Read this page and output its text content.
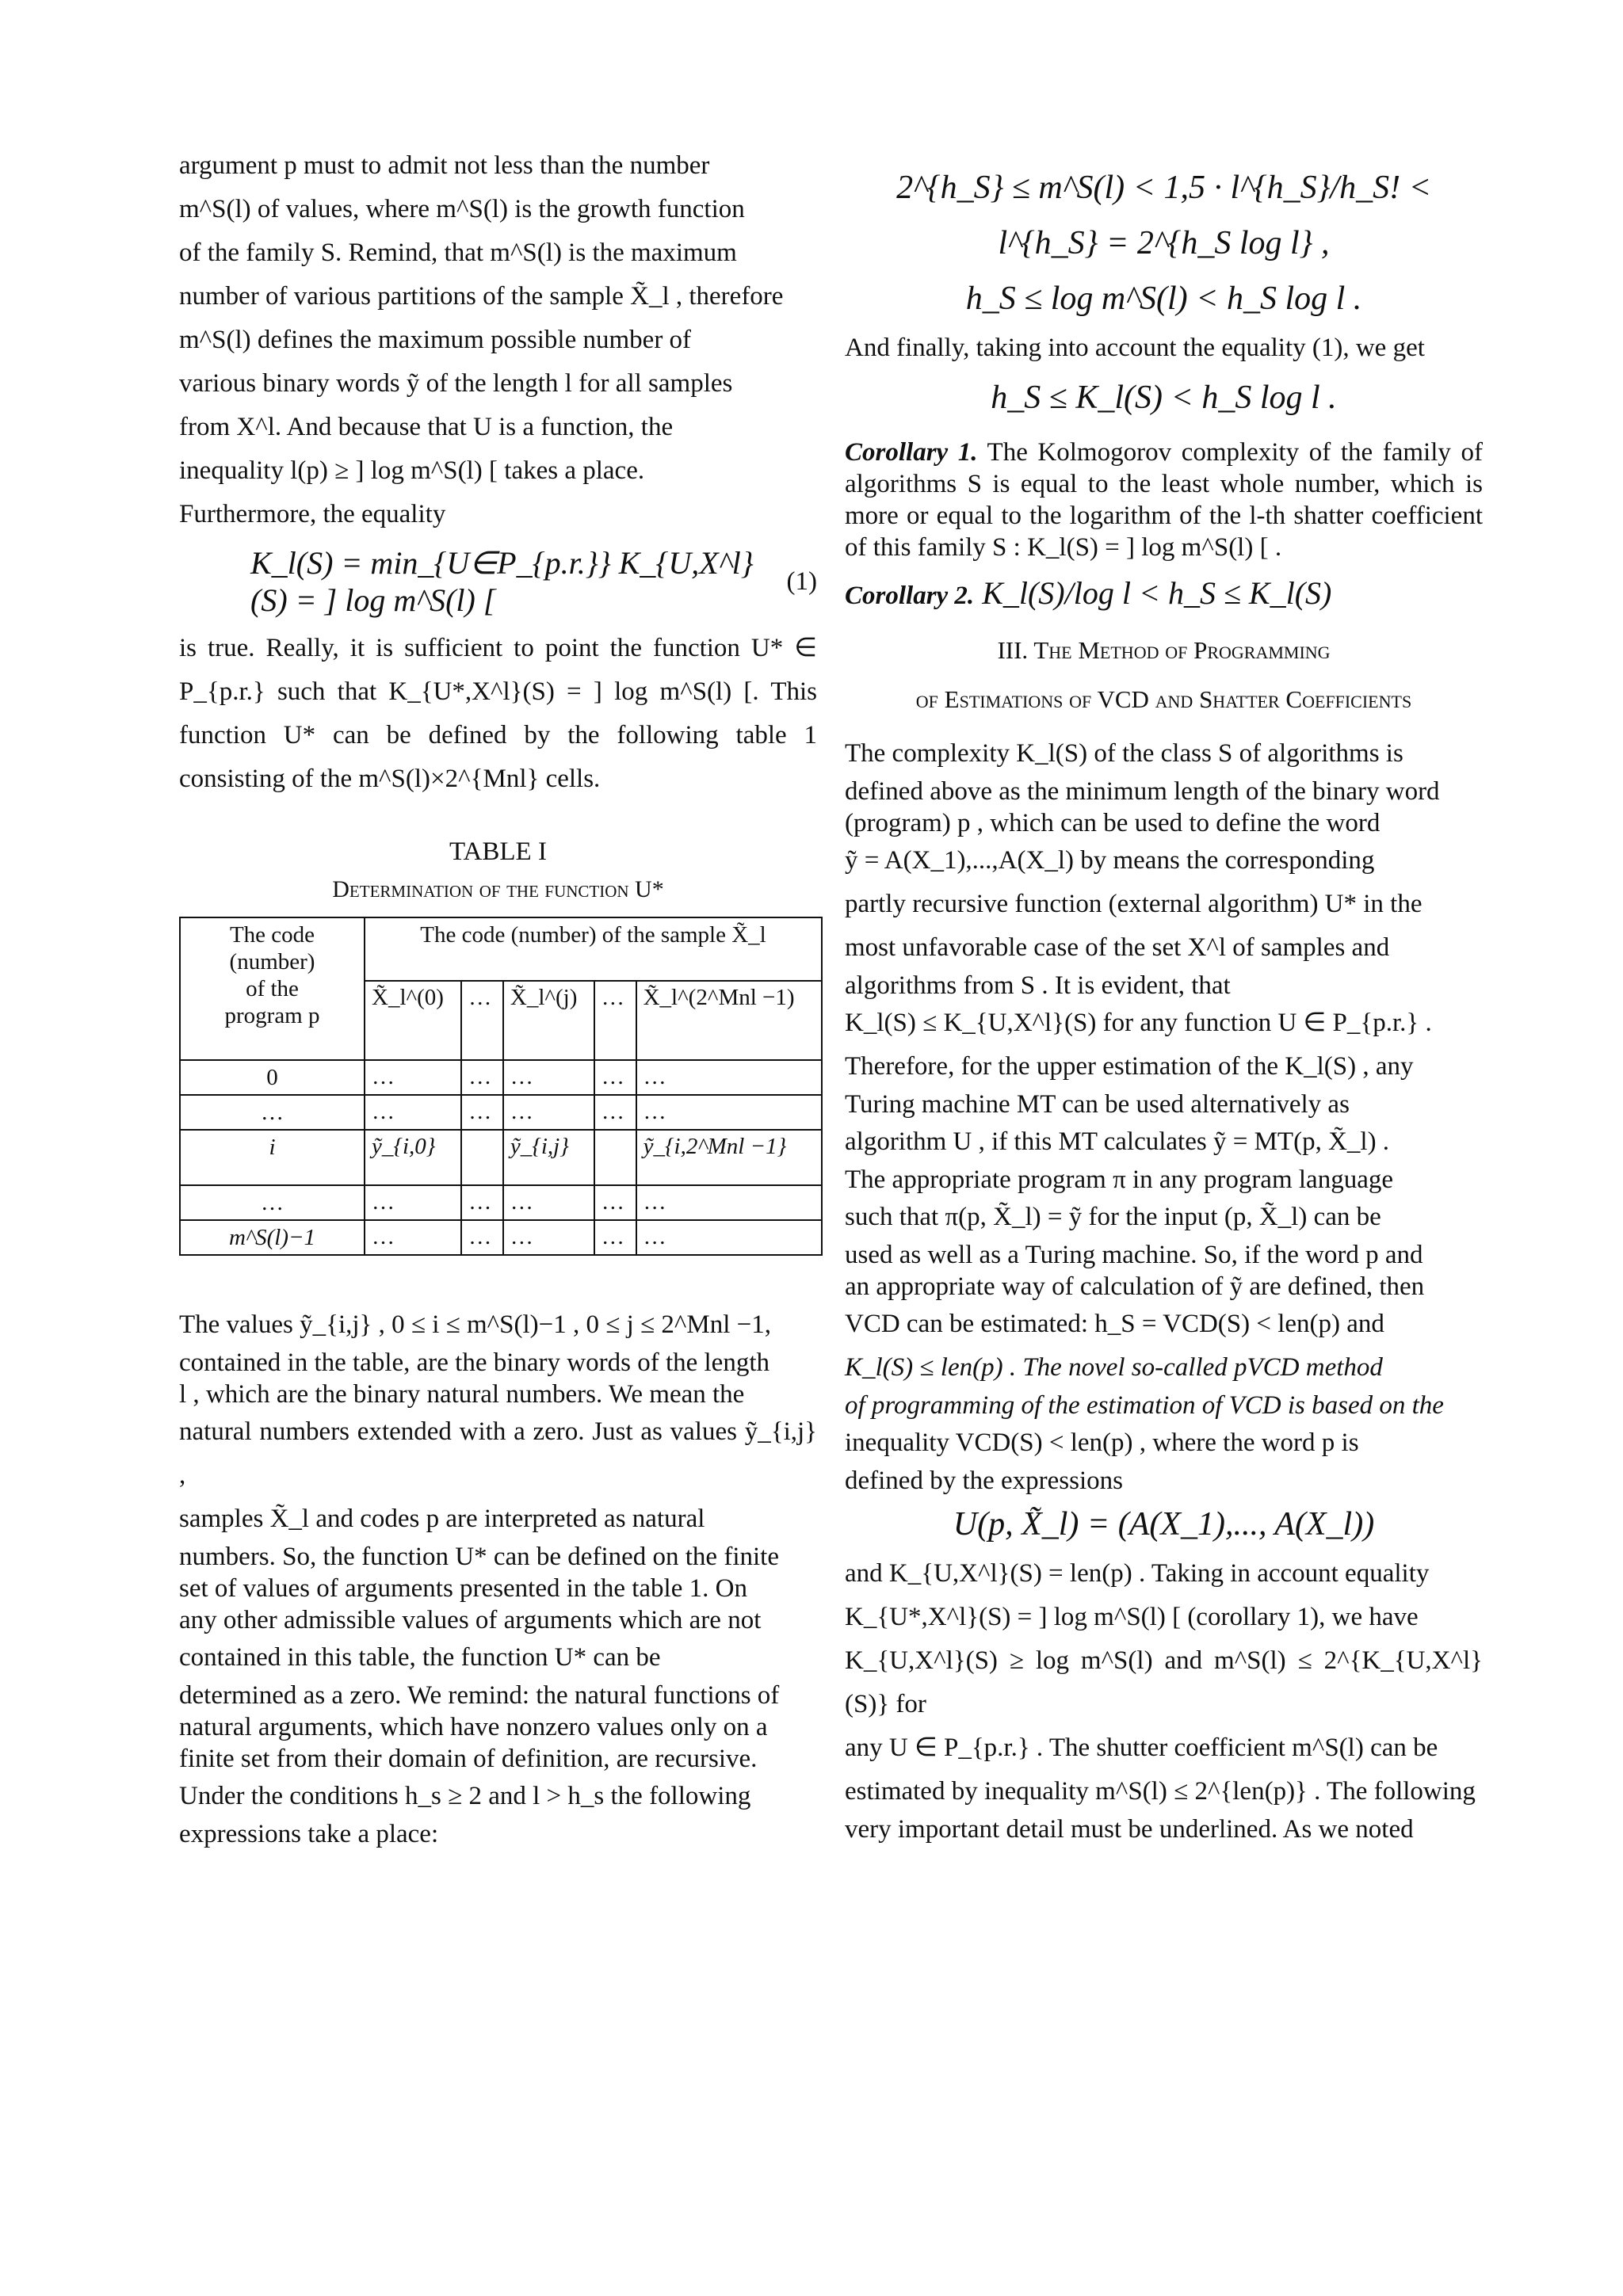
argument p must to admit not less than the number

m^S(l) of values, where m^S(l) is the growth function

of the family S. Remind, that m^S(l) is the maximum

number of various partitions of the sample X̃_l , therefore

m^S(l) defines the maximum possible number of

various binary words ỹ of the length l for all samples

from X^l. And because that U is a function, the

inequality l(p) ≥ ] log m^S(l) [ takes a place.

Furthermore, the equality

K_l(S) = min_{U∈P_{p.r.}} K_{U,X^l}(S) = ] log m^S(l) [
(1)

is true. Really, it is sufficient to point the function U* ∈ P_{p.r.} such that K_{U*,X^l}(S) = ] log m^S(l) [. This function U* can be defined by the following table 1 consisting of the m^S(l)×2^{Mnl} cells.

TABLE I

Determination of the function U*

The code
(number)
of the
program p	The code (number) of the sample X̃_l				
	X̃_l^(0)	…	X̃_l^(j)	…	X̃_l^(2^Mnl −1)
0	…	…	…	…	…
…	…	…	…	…	…
i	ỹ_{i,0}		ỹ_{i,j}		ỹ_{i,2^Mnl −1}
…	…	…	…	…	…
m^S(l)−1	…	…	…	…	…

The values ỹ_{i,j} , 0 ≤ i ≤ m^S(l)−1 , 0 ≤ j ≤ 2^Mnl −1,

contained in the table, are the binary words of the length

l , which are the binary natural numbers. We mean the

natural numbers extended with a zero. Just as values ỹ_{i,j} ,

samples X̃_l and codes p are interpreted as natural

numbers. So, the function U* can be defined on the finite

set of values of arguments presented in the table 1. On

any other admissible values of arguments which are not

contained in this table, the function U* can be

determined as a zero. We remind: the natural functions of

natural arguments, which have nonzero values only on a

finite set from their domain of definition, are recursive.

Under the conditions h_s ≥ 2 and l > h_s the following

expressions take a place:

2^{h_S} ≤ m^S(l) < 1,5 · l^{h_S}/h_S! < l^{h_S} = 2^{h_S log l} ,

h_S ≤ log m^S(l) < h_S log l .

And finally, taking into account the equality (1), we get

h_S ≤ K_l(S) < h_S log l .

Corollary 1. The Kolmogorov complexity of the family of algorithms S is equal to the least whole number, which is more or equal to the logarithm of the l-th shatter coefficient of this family S : K_l(S) = ] log m^S(l) [ .

Corollary 2. K_l(S)/log l < h_S ≤ K_l(S)

III. The Method of Programming

of Estimations of VCD and Shatter Coefficients

The complexity K_l(S) of the class S of algorithms is

defined above as the minimum length of the binary word

(program) p , which can be used to define the word

ỹ = A(X_1),...,A(X_l) by means the corresponding

partly recursive function (external algorithm) U* in the

most unfavorable case of the set X^l of samples and

algorithms from S . It is evident, that

K_l(S) ≤ K_{U,X^l}(S) for any function U ∈ P_{p.r.} .

Therefore, for the upper estimation of the K_l(S) , any

Turing machine MT can be used alternatively as

algorithm U , if this MT calculates ỹ = MT(p, X̃_l) .

The appropriate program π in any program language

such that π(p, X̃_l) = ỹ for the input (p, X̃_l) can be

used as well as a Turing machine. So, if the word p and

an appropriate way of calculation of ỹ are defined, then

VCD can be estimated: h_S = VCD(S) < len(p) and

K_l(S) ≤ len(p) . The novel so-called pVCD method

of programming of the estimation of VCD is based on the

inequality VCD(S) < len(p) , where the word p is

defined by the expressions

U(p, X̃_l) = (A(X_1),..., A(X_l))

and K_{U,X^l}(S) = len(p) . Taking in account equality

K_{U*,X^l}(S) = ] log m^S(l) [ (corollary 1), we have

K_{U,X^l}(S) ≥ log m^S(l) and m^S(l) ≤ 2^{K_{U,X^l}(S)} for

any U ∈ P_{p.r.} . The shutter coefficient m^S(l) can be

estimated by inequality m^S(l) ≤ 2^{len(p)} . The following

very important detail must be underlined. As we noted
